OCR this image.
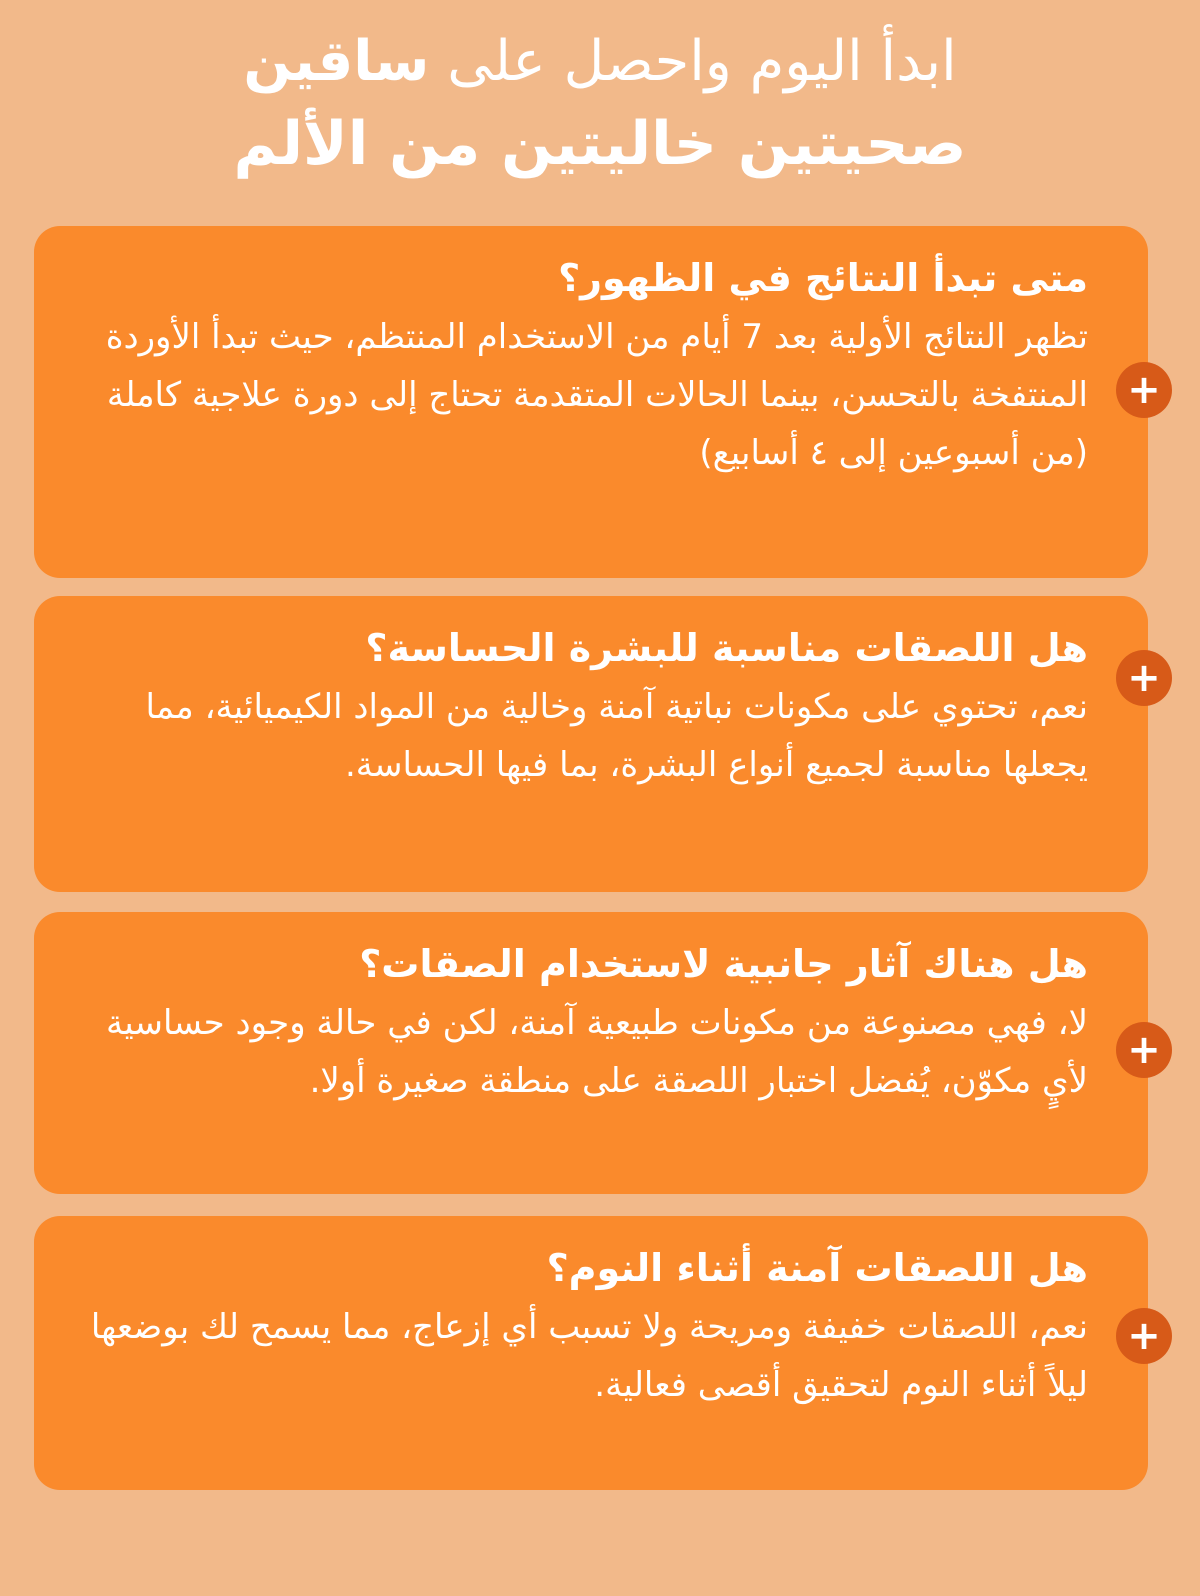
ابدأ اليوم واحصل على ساقين
صحيتين خاليتين من الألم

متى تبدأ النتائج في الظهور؟

تظهر النتائج الأولية بعد 7 أيام من الاستخدام المنتظم، حيث تبدأ الأوردة المنتفخة بالتحسن، بينما الحالات المتقدمة تحتاج إلى دورة علاجية كاملة (من أسبوعين إلى ٤ أسابيع)

+

هل اللصقات مناسبة للبشرة الحساسة؟

نعم، تحتوي على مكونات نباتية آمنة وخالية من المواد الكيميائية، مما يجعلها مناسبة لجميع أنواع البشرة، بما فيها الحساسة.

+

هل هناك آثار جانبية لاستخدام الصقات؟

لا، فهي مصنوعة من مكونات طبيعية آمنة، لكن في حالة وجود حساسية لأيٍ مكوّن، يُفضل اختبار اللصقة على منطقة صغيرة أولا.

+

هل اللصقات آمنة أثناء النوم؟

نعم، اللصقات خفيفة ومريحة ولا تسبب أي إزعاج، مما يسمح لك بوضعها ليلاً أثناء النوم لتحقيق أقصى فعالية.

+
